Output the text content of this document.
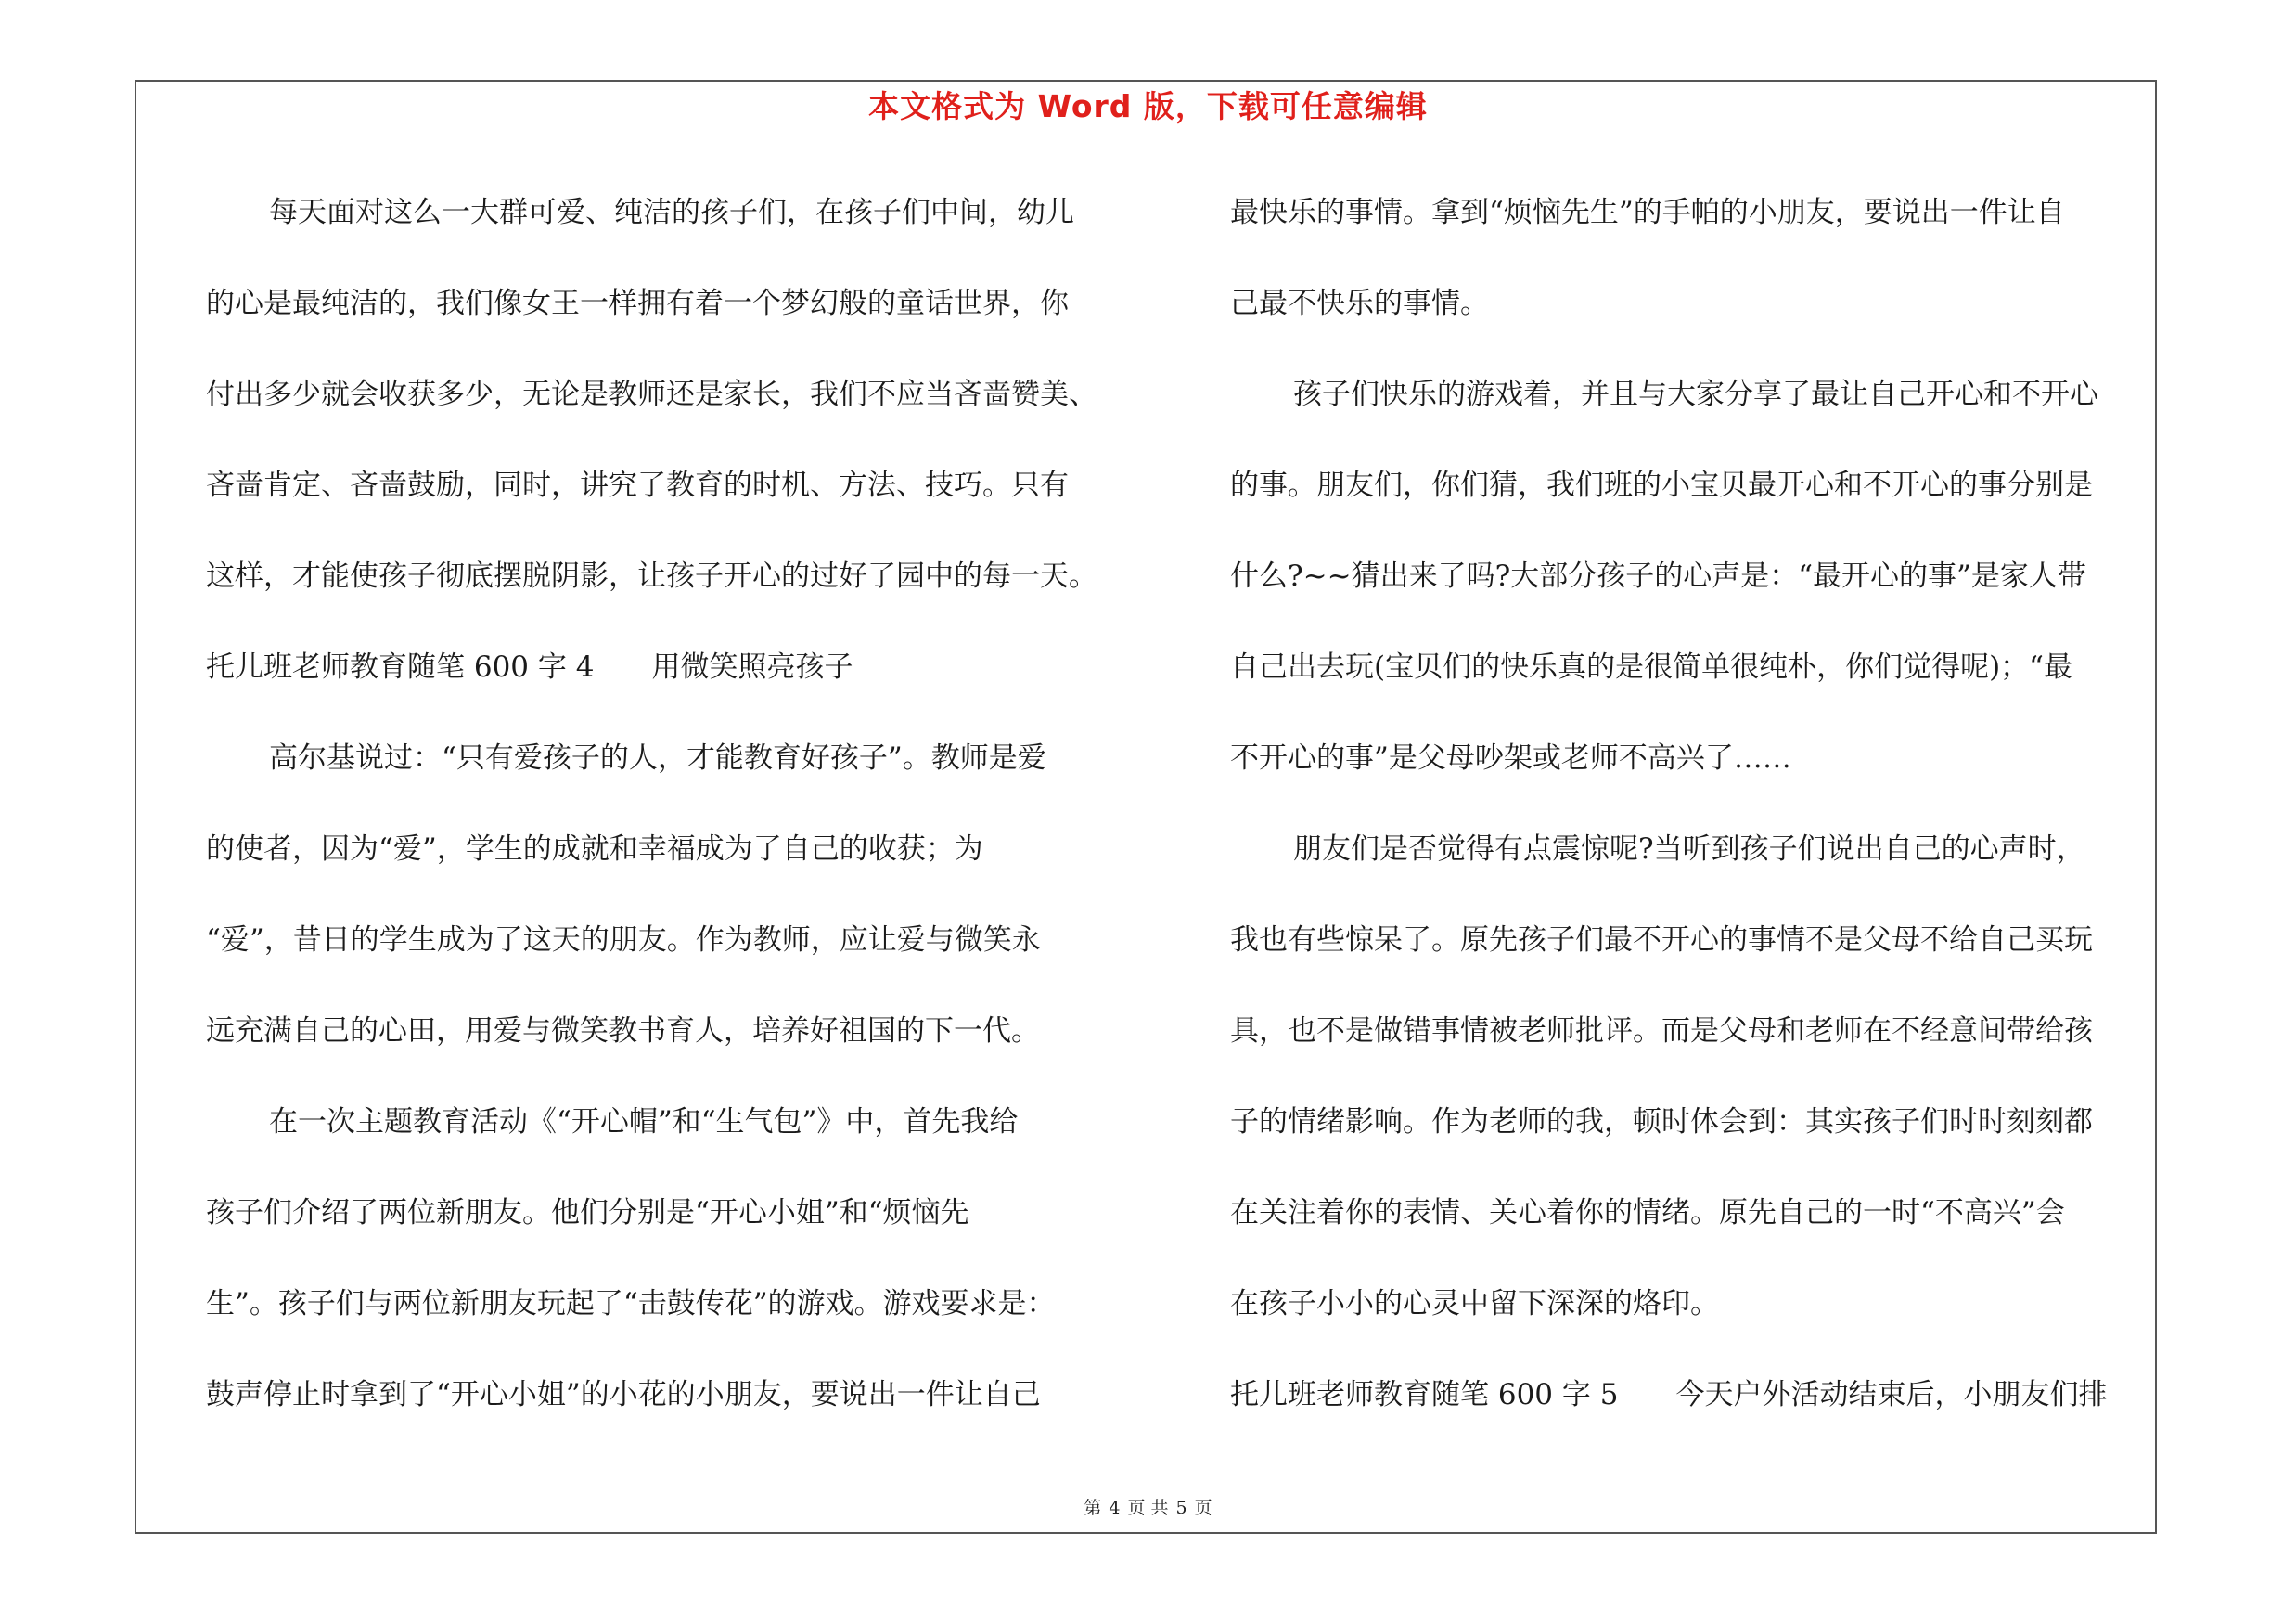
本文格式为 Word 版，下载可任意编辑
每天面对这么一大群可爱、纯洁的孩子们，在孩子们中间，幼儿
的心是最纯洁的，我们像女王一样拥有着一个梦幻般的童话世界，你
付出多少就会收获多少，无论是教师还是家长，我们不应当吝啬赞美、
吝啬肯定、吝啬鼓励，同时，讲究了教育的时机、方法、技巧。只有
这样，才能使孩子彻底摆脱阴影，让孩子开心的过好了园中的每一天。
托儿班老师教育随笔 600 字 4　　用微笑照亮孩子
高尔基说过：“只有爱孩子的人，才能教育好孩子”。教师是爱
的使者，因为“爱”，学生的成就和幸福成为了自己的收获；为
“爱”，昔日的学生成为了这天的朋友。作为教师，应让爱与微笑永
远充满自己的心田，用爱与微笑教书育人，培养好祖国的下一代。
在一次主题教育活动《“开心帽”和“生气包”》中，首先我给
孩子们介绍了两位新朋友。他们分别是“开心小姐”和“烦恼先
生”。孩子们与两位新朋友玩起了“击鼓传花”的游戏。游戏要求是：
鼓声停止时拿到了“开心小姐”的小花的小朋友，要说出一件让自己
最快乐的事情。拿到“烦恼先生”的手帕的小朋友，要说出一件让自
己最不快乐的事情。
孩子们快乐的游戏着，并且与大家分享了最让自己开心和不开心
的事。朋友们，你们猜，我们班的小宝贝最开心和不开心的事分别是
什么?~~猜出来了吗?大部分孩子的心声是：“最开心的事”是家人带
自己出去玩(宝贝们的快乐真的是很简单很纯朴，你们觉得呢)；“最
不开心的事”是父母吵架或老师不高兴了……
朋友们是否觉得有点震惊呢?当听到孩子们说出自己的心声时，
我也有些惊呆了。原先孩子们最不开心的事情不是父母不给自己买玩
具，也不是做错事情被老师批评。而是父母和老师在不经意间带给孩
子的情绪影响。作为老师的我，顿时体会到：其实孩子们时时刻刻都
在关注着你的表情、关心着你的情绪。原先自己的一时“不高兴”会
在孩子小小的心灵中留下深深的烙印。
托儿班老师教育随笔 600 字 5　　今天户外活动结束后，小朋友们排
第 4 页 共 5 页
